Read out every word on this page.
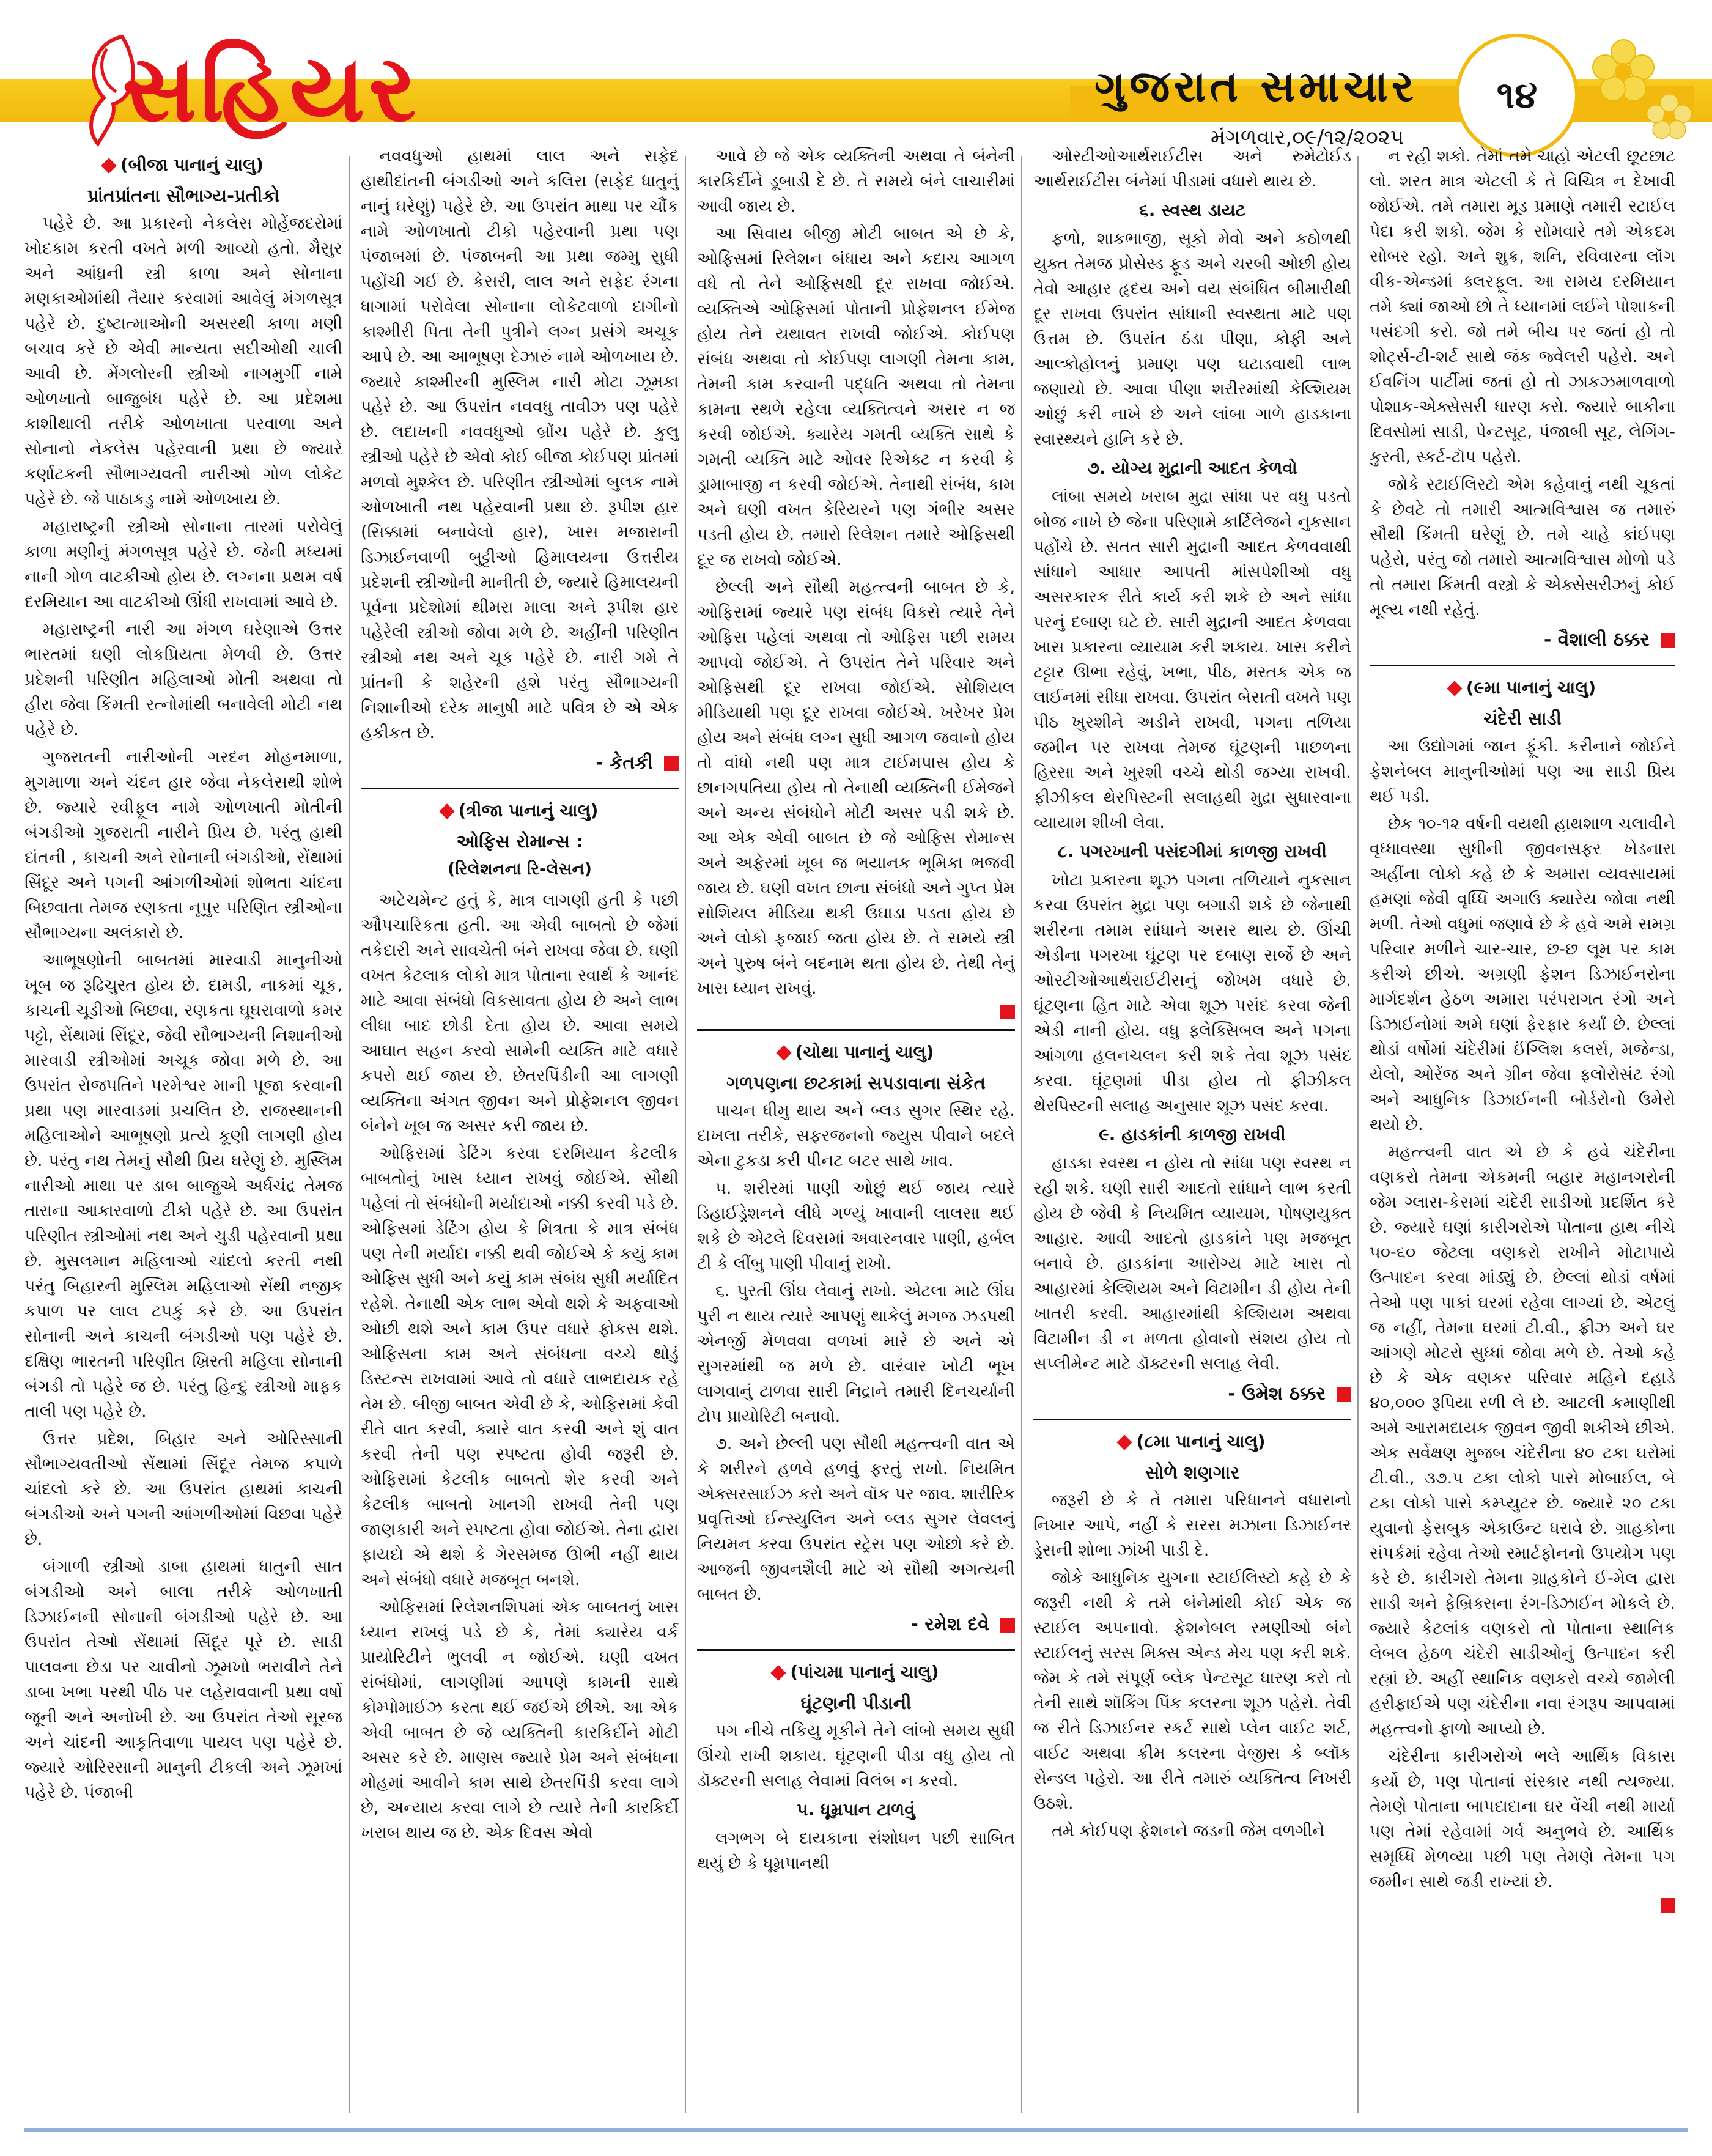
સહિયર	ગુજરાત સમાચાર
મંગળવાર,૦૯/૧૨/૨૦૨૫
૧૪
(બીજા પાનાનું ચાલુ)
પ્રાંતપ્રાંતના સૌભાગ્ય-પ્રતીકો

પહેરે છે. આ પ્રકારનો નેકલેસ મોહેંજદરોમાં ખોદકામ કરતી વખતે મળી આવ્યો હતો. મૈસુર અને આંધ્રની સ્ત્રી કાળા અને સોનાના મણકાઓમાંથી તૈયાર કરવામાં આવેલું મંગળસૂત્ર પહેરે છે. દુષ્ટાત્માઓની અસરથી કાળા મણી બચાવ કરે છે એવી માન્યતા સદીઓથી ચાલી આવી છે. મેંગલોરની સ્ત્રીઓ નાગમુર્ગી નામે ઓળખાતો બાજુબંધ પહેરે છે. આ પ્રદેશમા કાશીથાલી તરીકે ઓળખાતા પરવાળા અને સોનાનો નેકલેસ પહેરવાની પ્રથા છે જ્યારે કર્ણાટકની સૌભાગ્યવતી નારીઓ ગોળ લોકેટ પહેરે છે. જે પાઠાકડુ નામે ઓળખાય છે.

મહારાષ્ટ્રની સ્ત્રીઓ સોનાના તારમાં પરોવેલું કાળા મણીનું મંગળસૂત્ર પહેરે છે. જેની મધ્યમાં નાની ગોળ વાટકીઓ હોય છે. લગ્નના પ્રથમ વર્ષ દરમિયાન આ વાટકીઓ ઊંધી રાખવામાં આવે છે.

મહારાષ્ટ્રની નારી આ મંગળ ઘરેણાએ ઉત્તર ભારતમાં ઘણી લોકપ્રિયતા મેળવી છે. ઉત્તર પ્રદેશની પરિણીત મહિલાઓ મોતી અથવા તો હીરા જેવા કિંમતી રત્નોમાંથી બનાવેલી મોટી નથ પહેરે છે.

ગુજરાતની નારીઓની ગરદન મોહનમાળા, મુગમાળા અને ચંદન હાર જેવા નેકલેસથી શોભે છે. જ્યારે રવીફૂલ નામે ઓળખાતી મોતીની બંગડીઓ ગુજરાતી નારીને પ્રિય છે. પરંતુ હાથી દાંતની , કાચની અને સોનાની બંગડીઓ, સેંથામાં સિંદૂર અને પગની આંગળીઓમાં શોભતા ચાંદના બિછવાતા તેમજ રણકતા નૂપુર પરિણિત સ્ત્રીઓના સૌભાગ્યના અલંકારો છે.

આભૂષણોની બાબતમાં મારવાડી માનુનીઓ ખૂબ જ રૂઢિચુસ્ત હોય છે. દામડી, નાકમાં ચૂક, કાચની ચૂડીઓ બિછવા, રણકતા ઘૂઘરાવાળો કમર પટ્ટો, સેંથામાં સિંદૂર, જેવી સૌભાગ્યની નિશાનીઓ મારવાડી સ્ત્રીઓમાં અચૂક જોવા મળે છે. આ ઉપરાંત રોજપતિને પરમેશ્વર માની પૂજા કરવાની પ્રથા પણ મારવાડમાં પ્રચલિત છે. રાજસ્થાનની મહિલાઓને આભૂષણો પ્રત્યે કૂણી લાગણી હોય છે. પરંતુ નથ તેમનું સૌથી પ્રિય ઘરેણું છે. મુસ્લિમ નારીઓ માથા પર ડાબ બાજુએ અર્ધચંદ્ર તેમજ તારાના આકારવાળો ટીકો પહેરે છે. આ ઉપરાંત પરિણીત સ્ત્રીઓમાં નથ અને ચુડી પહેરવાની પ્રથા છે. મુસલમાન મહિલાઓ ચાંદલો કરતી નથી પરંતુ બિહારની મુસ્લિમ મહિલાઓ સેંથી નજીક કપાળ પર લાલ ટપકું કરે છે. આ ઉપરાંત સોનાની અને કાચની બંગડીઓ પણ પહેરે છે. દક્ષિણ ભારતની પરિણીત ખ્રિસ્તી મહિલા સોનાની બંગડી તો પહેરે જ છે. પરંતુ હિન્દુ સ્ત્રીઓ માફક તાલી પણ પહેરે છે.

ઉત્તર પ્રદેશ, બિહાર અને ઓરિસ્સાની સૌભાગ્યવતીઓ સેંથામાં સિંદૂર તેમજ કપાળે ચાંદલો કરે છે. આ ઉપરાંત હાથમાં કાચની બંગડીઓ અને પગની આંગળીઓમાં વિછવા પહેરે છે.

બંગાળી સ્ત્રીઓ ડાબા હાથમાં ધાતુની સાત બંગડીઓ અને બાલા તરીકે ઓળખાતી ડિઝાઈનની સોનાની બંગડીઓ પહેરે છે. આ ઉપરાંત તેઓ સેંથામાં સિંદૂર પૂરે છે. સાડી પાલવના છેડા પર ચાવીનો ઝૂમખો ભરાવીને તેને ડાબા ખભા પરથી પીઠ પર લહેરાવવાની પ્રથા વર્ષો જૂની અને અનોખી છે. આ ઉપરાંત તેઓ સૂરજ અને ચાંદની આકૃતિવાળા પાયલ પણ પહેરે છે. જ્યારે ઓરિસ્સાની માનુની ટીકલી અને ઝૂમખાં પહેરે છે. પંજાબી

નવવધુઓ હાથમાં લાલ અને સફેદ હાથીદાંતની બંગડીઓ અને કલિરા (સફેદ ધાતુનું નાનું ઘરેણું) પહેરે છે. આ ઉપરાંત માથા પર ચૌંક નામે ઓળખાતો ટીકો પહેરવાની પ્રથા પણ પંજાબમાં છે. પંજાબની આ પ્રથા જમ્મુ સુધી પહોંચી ગઈ છે. કેસરી, લાલ અને સફેદ રંગના ધાગામાં પરોવેલા સોનાના લોકેટવાળો દાગીનો કાશ્મીરી પિતા તેની પુત્રીને લગ્ન પ્રસંગે અચૂક આપે છે. આ આભૂષણ દેઝારું નામે ઓળખાય છે. જ્યારે કાશ્મીરની મુસ્લિમ નારી મોટા ઝૂમકા પહેરે છે. આ ઉપરાંત નવવધુ તાવીઝ પણ પહેરે છે. લદાખની નવવધુઓ બ્રોંચ પહેરે છે. કુલુ સ્ત્રીઓ પહેરે છે એવો કોઈ બીજા કોઈપણ પ્રાંતમાં મળવો મુશ્કેલ છે. પરિણીત સ્ત્રીઓમાં બુલક નામે ઓળખાતી નથ પહેરવાની પ્રથા છે. રૂપીશ હાર (સિક્કામાં બનાવેલો હાર), ખાસ મજારાની ડિઝાઈનવાળી બુટ્ટીઓ હિમાલયના ઉત્તરીય પ્રદેશની સ્ત્રીઓની માનીતી છે, જ્યારે હિમાલયની પૂર્વના પ્રદેશોમાં થીમરા માલા અને રૂપીશ હાર પહેરેલી સ્ત્રીઓ જોવા મળે છે. અહીંની પરિણીત સ્ત્રીઓ નથ અને ચૂક પહેરે છે. નારી ગમે તે પ્રાંતની કે શહેરની હશે પરંતુ સૌભાગ્યની નિશાનીઓ દરેક માનુષી માટે પવિત્ર છે એ એક હકીકત છે.

- કેતકી
(ત્રીજા પાનાનું ચાલુ)
ઓફિસ રોમાન્સ :
(રિલેશનના રિ-લેસન)

અટેચમેન્ટ હતું કે, માત્ર લાગણી હતી કે પછી ઔપચારિકતા હતી. આ એવી બાબતો છે જેમાં તકેદારી અને સાવચેતી બંને રાખવા જેવા છે. ઘણી વખત કેટલાક લોકો માત્ર પોતાના સ્વાર્થ કે આનંદ માટે આવા સંબંધો વિકસાવતા હોય છે અને લાભ લીધા બાદ છોડી દેતા હોય છે. આવા સમયે આઘાત સહન કરવો સામેની વ્યક્તિ માટે વધારે કપરો થઈ જાય છે. છેતરપિંડીની આ લાગણી વ્યક્તિના અંગત જીવન અને પ્રોફેશનલ જીવન બંનેને ખૂબ જ અસર કરી જાય છે.

ઓફિસમાં ડેટિંગ કરવા દરમિયાન કેટલીક બાબતોનું ખાસ ધ્યાન રાખવું જોઈએ. સૌથી પહેલાં તો સંબંધોની મર્યાદાઓ નક્કી કરવી પડે છે. ઓફિસમાં ડેટિંગ હોય કે મિત્રતા કે માત્ર સંબંધ પણ તેની મર્યાદા નક્કી થવી જોઈએ કે કયું કામ ઓફિસ સુધી અને કયું કામ સંબંધ સુધી મર્યાદિત રહેશે. તેનાથી એક લાભ એવો થશે કે અફવાઓ ઓછી થશે અને કામ ઉપર વધારે ફોકસ થશે. ઓફિસના કામ અને સંબંધના વચ્ચે થોડું ડિસ્ટન્સ રાખવામાં આવે તો વધારે લાભદાયક રહે તેમ છે. બીજી બાબત એવી છે કે, ઓફિસમાં કેવી રીતે વાત કરવી, ક્યારે વાત કરવી અને શું વાત કરવી તેની પણ સ્પષ્ટતા હોવી જરૂરી છે. ઓફિસમાં કેટલીક બાબતો શેર કરવી અને કેટલીક બાબતો ખાનગી રાખવી તેની પણ જાણકારી અને સ્પષ્ટતા હોવા જોઈએ. તેના દ્વારા ફાયદો એ થશે કે ગેરસમજ ઊભી નહીં થાય અને સંબંધો વધારે મજબૂત બનશે.

ઓફિસમાં રિલેશનશિપમાં એક બાબતનું ખાસ ધ્યાન રાખવું પડે છે કે, તેમાં ક્યારેય વર્ક પ્રાયોરિટીને ભુલવી ન જોઈએ. ઘણી વખત સંબંધોમાં, લાગણીમાં આપણે કામની સાથે કોમ્પોમાઈઝ કરતા થઈ જઈએ છીએ. આ એક એવી બાબત છે જે વ્યક્તિની કારકિર્દીને મોટી અસર કરે છે. માણસ જ્યારે પ્રેમ અને સંબંધના મોહમાં આવીને કામ સાથે છેતરપિંડી કરવા લાગે છે, અન્યાય કરવા લાગે છે ત્યારે તેની કારકિર્દી ખરાબ થાય જ છે. એક દિવસ એવો

આવે છે જે એક વ્યક્તિની અથવા તે બંનેની કારકિર્દીને ડૂબાડી દે છે. તે સમયે બંને લાચારીમાં આવી જાય છે.

આ સિવાય બીજી મોટી બાબત એ છે કે, ઓફિસમાં રિલેશન બંધાય અને કદાચ આગળ વધે તો તેને ઓફિસથી દૂર રાખવા જોઈએ. વ્યક્તિએ ઓફિસમાં પોતાની પ્રોફેશનલ ઈમેજ હોય તેને યથાવત રાખવી જોઈએ. કોઈપણ સંબંધ અથવા તો કોઈપણ લાગણી તેમના કામ, તેમની કામ કરવાની પદ્ધતિ અથવા તો તેમના કામના સ્થળે રહેલા વ્યક્તિત્વને અસર ન જ કરવી જોઈએ. ક્યારેય ગમતી વ્યક્તિ સાથે કે ગમતી વ્યક્તિ માટે ઓવર રિએક્ટ ન કરવી કે ડ્રામાબાજી ન કરવી જોઈએ. તેનાથી સંબંધ, કામ અને ઘણી વખત કેરિયરને પણ ગંભીર અસર પડતી હોય છે. તમારો રિલેશન તમારે ઓફિસથી દૂર જ રાખવો જોઈએ.

છેલ્લી અને સૌથી મહત્ત્વની બાબત છે કે, ઓફિસમાં જ્યારે પણ સંબંધ વિક્સે ત્યારે તેને ઓફિસ પહેલાં અથવા તો ઓફિસ પછી સમય આપવો જોઈએ. તે ઉપરાંત તેને પરિવાર અને ઓફિસથી દૂર રાખવા જોઈએ. સોશિયલ મીડિયાથી પણ દૂર રાખવા જોઈએ. ખરેખર પ્રેમ હોય અને સંબંધ લગ્ન સુધી આગળ જવાનો હોય તો વાંધો નથી પણ માત્ર ટાઈમપાસ હોય કે છાનગપતિયા હોય તો તેનાથી વ્યક્તિની ઈમેજને અને અન્ય સંબંધોને મોટી અસર પડી શકે છે. આ એક એવી બાબત છે જે ઓફિસ રોમાન્સ અને અફેરમાં ખૂબ જ ભયાનક ભૂમિકા ભજવી જાય છે. ઘણી વખત છાના સંબંધો અને ગુપ્ત પ્રેમ સોશિયલ મીડિયા થકી ઉઘાડા પડતા હોય છે અને લોકો ફજાઈ જતા હોય છે. તે સમયે સ્ત્રી અને પુરુષ બંને બદનામ થતા હોય છે. તેથી તેનું ખાસ ધ્યાન રાખવું.

(ચોથા પાનાનું ચાલુ)
ગળપણના છટકામાં સપડાવાના સંકેત

પાચન ધીમુ થાય અને બ્લડ સુગર સ્થિર રહે. દાખલા તરીકે, સફરજનનો જ્યુસ પીવાને બદલે એના ટુકડા કરી પીનટ બટર સાથે ખાવ.

૫. શરીરમાં પાણી ઓછું થઈ જાય ત્યારે ડિહાઈડ્રેશનને લીધે ગળ્યું ખાવાની લાલસા થઈ શકે છે એટલે દિવસમાં અવારનવાર પાણી, હર્બલ ટી કે લીંબુ પાણી પીવાનું રાખો.

૬. પુરતી ઊંઘ લેવાનું રાખો. એટલા માટે ઊંઘ પુરી ન થાય ત્યારે આપણું થાકેલું મગજ ઝડપથી એનર્જી મેળવવા વળખાં મારે છે અને એ સુગરમાંથી જ મળે છે. વારંવાર ખોટી ભૂખ લાગવાનું ટાળવા સારી નિદ્રાને તમારી દિનચર્યાની ટોપ પ્રાયોરિટી બનાવો.

૭. અને છેલ્લી પણ સૌથી મહત્ત્વની વાત એ કે શરીરને હળવે હળવું ફરતું રાખો. નિયમિત એક્સરસાઈઝ કરો અને વૉક પર જાવ. શારીરિક પ્રવૃત્તિઓ ઈન્સ્યુલિન અને બ્લડ સુગર લેવલનું નિયમન કરવા ઉપરાંત સ્ટ્રેસ પણ ઓછો કરે છે. આજની જીવનશૈલી માટે એ સૌથી અગત્યની બાબત છે.

- રમેશ દવે
(પાંચમા પાનાનું ચાલુ)
ઘૂંટણની પીડાની

પગ નીચે તકિયુ મૂકીને તેને લાંબો સમય સુધી ઊંચો રાખી શકાય. ઘૂંટણની પીડા વધુ હોય તો ડૉક્ટરની સલાહ લેવામાં વિલંબ ન કરવો.

૫. ધૂમ્રપાન ટાળવું

લગભગ બે દાયકાના સંશોધન પછી સાબિત થયું છે કે ધૂમ્રપાનથી

ઓસ્ટીઓઆર્થરાઈટીસ અને રુમેટોઈડ આર્થરાઈટીસ બંનેમાં પીડામાં વધારો થાય છે.

૬. સ્વસ્થ ડાયટ

ફળો, શાકભાજી, સૂકો મેવો અને કઠોળથી યુક્ત તેમજ પ્રોસેસ્ડ ફૂડ અને ચરબી ઓછી હોય તેવો આહાર હૃદય અને વય સંબંધિત બીમારીથી દૂર રાખવા ઉપરાંત સાંધાની સ્વસ્થતા માટે પણ ઉત્તમ છે. ઉપરાંત ઠંડા પીણા, કોફી અને આલ્કોહોલનું પ્રમાણ પણ ઘટાડવાથી લાભ જણાયો છે. આવા પીણા શરીરમાંથી કેલ્શિયમ ઓછું કરી નાખે છે અને લાંબા ગાળે હાડકાના સ્વાસ્થ્યને હાનિ કરે છે.

૭. યોગ્ય મુદ્રાની આદત કેળવો

લાંબા સમયે ખરાબ મુદ્રા સાંધા પર વધુ પડતો બોજ નાખે છે જેના પરિણામે કાર્ટિલેજને નુકસાન પહોંચે છે. સતત સારી મુદ્રાની આદત કેળવવાથી સાંધાને આધાર આપતી માંસપેશીઓ વધુ અસરકારક રીતે કાર્ય કરી શકે છે અને સાંધા પરનું દબાણ ઘટે છે. સારી મુદ્રાની આદત કેળવવા ખાસ પ્રકારના વ્યાયામ કરી શકાય. ખાસ કરીને ટટ્ટાર ઊભા રહેવું, ખભા, પીઠ, મસ્તક એક જ લાઈનમાં સીધા રાખવા. ઉપરાંત બેસતી વખતે પણ પીઠ ખુરશીને અડીને રાખવી, પગના તળિયા જમીન પર રાખવા તેમજ ઘૂંટણની પાછળના હિસ્સા અને ખુરશી વચ્ચે થોડી જગ્યા રાખવી. ફીઝીકલ થેરપિસ્ટની સલાહથી મુદ્રા સુધારવાના વ્યાયામ શીખી લેવા.

૮. પગરખાની પસંદગીમાં કાળજી રાખવી

ખોટા પ્રકારના શૂઝ પગના તળિયાને નુકસાન કરવા ઉપરાંત મુદ્રા પણ બગાડી શકે છે જેનાથી શરીરના તમામ સાંધાને અસર થાય છે. ઊંચી એડીના પગરખા ઘૂંટણ પર દબાણ સર્જે છે અને ઓસ્ટીઓઆર્થરાઈટીસનું જોખમ વધારે છે. ઘૂંટણના હિત માટે એવા શૂઝ પસંદ કરવા જેની એડી નાની હોય. વધુ ફ્લેક્સિબલ અને પગના આંગળા હલનચલન કરી શકે તેવા શૂઝ પસંદ કરવા. ઘૂંટણમાં પીડા હોય તો ફીઝીકલ થેરપિસ્ટની સલાહ અનુસાર શૂઝ પસંદ કરવા.

૯. હાડકાંની કાળજી રાખવી

હાડકા સ્વસ્થ ન હોય તો સાંધા પણ સ્વસ્થ ન રહી શકે. ઘણી સારી આદતો સાંધાને લાભ કરતી હોય છે જેવી કે નિયમિત વ્યાયામ, પોષણયુક્ત આહાર. આવી આદતો હાડકાંને પણ મજબૂત બનાવે છે. હાડકાંના આરોગ્ય માટે ખાસ તો આહારમાં કેલ્શિયમ અને વિટામીન ડી હોય તેની ખાતરી કરવી. આહારમાંથી કેલ્શિયમ અથવા વિટામીન ડી ન મળતા હોવાનો સંશય હોય તો સપ્લીમેન્ટ માટે ડૉક્ટરની સલાહ લેવી.

- ઉમેશ ઠક્કર
(૮મા પાનાનું ચાલુ)
સોળે શણગાર

જરૂરી છે કે તે તમારા પરિધાનને વધારાનો નિખાર આપે, નહીં કે સરસ મઝાના ડિઝાઈનર ડ્રેસની શોભા ઝાંખી પાડી દે.

જોકે આધુનિક યુગના સ્ટાઈલિસ્ટો કહે છે કે જરૂરી નથી કે તમે બંનેમાંથી કોઈ એક જ સ્ટાઈલ અપનાવો. ફેશનેબલ રમણીઓ બંને સ્ટાઈલનું સરસ મિક્સ એન્ડ મેચ પણ કરી શકે. જેમ કે તમે સંપૂર્ણ બ્લેક પેન્ટસૂટ ધારણ કરો તો તેની સાથે શૉકિંગ પિંક કલરના શૂઝ પહેરો. તેવી જ રીતે ડિઝાઈનર સ્કર્ટ સાથે પ્લેન વાઈટ શર્ટ, વાઈટ અથવા ક્રીમ કલરના વેજીસ કે બ્લૉક સેન્ડલ પહેરો. આ રીતે તમારું વ્યક્તિત્વ નિખરી ઉઠશે.

તમે કોઈપણ ફેશનને જડની જેમ વળગીને

ન રહી શકો. તેમાં તમે ચાહો એટલી છૂટછાટ લો. શરત માત્ર એટલી કે તે વિચિત્ર ન દેખાવી જોઈએ. તમે તમારા મૂડ પ્રમાણે તમારી સ્ટાઈલ પેદા કરી શકો. જેમ કે સોમવારે તમે એકદમ સોબર રહો. અને શુક્ર, શનિ, રવિવારના લૉંગ વીક-એન્ડમાં ક્લરફૂલ. આ સમય દરમિયાન તમે ક્યાં જાઓ છો તે ધ્યાનમાં લઈને પોશાકની પસંદગી કરો. જો તમે બીચ પર જતાં હો તો શોર્ટ્સ-ટી-શર્ટ સાથે જંક જ્વેલરી પહેરો. અને ઈવનિંગ પાર્ટીમાં જતાં હો તો ઝાકઝમાળવાળો પોશાક-એક્સેસરી ધારણ કરો. જ્યારે બાકીના દિવસોમાં સાડી, પેન્ટસૂટ, પંજાબી સૂટ, લેગિંગ-કુરતી, સ્કર્ટ-ટૉપ પહેરો.

જોકે સ્ટાઈલિસ્ટો એમ કહેવાનું નથી ચૂકતાં કે છેવટે તો તમારી આત્મવિશ્વાસ જ તમારું સૌથી કિંમતી ઘરેણું છે. તમે ચાહે કાંઈપણ પહેરો, પરંતુ જો તમારો આત્મવિશ્વાસ મોળો પડે તો તમારા કિંમતી વસ્ત્રો કે એક્સેસરીઝનું કોઈ મૂલ્ય નથી રહેતું.

- વૈશાલી ઠક્કર
(૯મા પાનાનું ચાલુ)
ચંદેરી સાડી

આ ઉદ્યોગમાં જાન ફૂંકી. કરીનાને જોઈને ફેશનેબલ માનુનીઓમાં પણ આ સાડી પ્રિય થઈ પડી.

છેક ૧૦-૧૨ વર્ષની વયથી હાથશાળ ચલાવીને વૃધ્ધાવસ્થા સુધીની જીવનસફર ખેડનારા અહીંના લોકો કહે છે કે અમારા વ્યવસાયમાં હમણાં જેવી વૃધ્ધિ અગાઉ ક્યારેય જોવા નથી મળી. તેઓ વધુમાં જણાવે છે કે હવે અમે સમગ્ર પરિવાર મળીને ચાર-ચાર, છ-છ લૂમ પર કામ કરીએ છીએ. અગ્રણી ફેશન ડિઝાઈનરોના માર્ગદર્શન હેઠળ અમારા પરંપરાગત રંગો અને ડિઝાઈનોમાં અમે ઘણાં ફેરફાર કર્યાં છે. છેલ્લાં થોડાં વર્ષોમાં ચંદેરીમાં ઈંગ્લિશ કલર્સ, મજેન્ડા, યેલો, ઓરેંજ અને ગ્રીન જેવા ફ્લોરોસંટ રંગો અને આધુનિક ડિઝાઈનની બોર્ડરોનો ઉમેરો થયો છે.

મહત્ત્વની વાત એ છે કે હવે ચંદેરીના વણકરો તેમના એકમની બહાર મહાનગરોની જેમ ગ્લાસ-કેસમાં ચંદેરી સાડીઓ પ્રદર્શિત કરે છે. જ્યારે ઘણાં કારીગરોએ પોતાના હાથ નીચે ૫૦-૬૦ જેટલા વણકરો રાખીને મોટાપાયે ઉત્પાદન કરવા માંડ્યું છે. છેલ્લાં થોડાં વર્ષમાં તેઓ પણ પાકાં ઘરમાં રહેવા લાગ્યાં છે. એટલું જ નહીં, તેમના ઘરમાં ટી.વી., ફ્રીઝ અને ઘર આંગણે મોટરો સુધ્ધાં જોવા મળે છે. તેઓ કહે છે કે એક વણકર પરિવાર મહિને દહાડે ૪૦,૦૦૦ રૂપિયા રળી લે છે. આટલી કમાણીથી અમે આરામદાયક જીવન જીવી શકીએ છીએ. એક સર્વેક્ષણ મુજબ ચંદેરીના ૪૦ ટકા ઘરોમાં ટી.વી., ૩૭.૫ ટકા લોકો પાસે મોબાઈલ, બે ટકા લોકો પાસે કમ્પ્યુટર છે. જ્યારે ૨૦ ટકા યુવાનો ફેસબુક એકાઉન્ટ ધરાવે છે. ગ્રાહકોના સંપર્કમાં રહેવા તેઓ સ્માર્ટફોનનો ઉપયોગ પણ કરે છે. કારીગરો તેમના ગ્રાહકોને ઈ-મેલ દ્વારા સાડી અને ફેબ્રિક્સના રંગ-ડિઝાઈન મોકલે છે. જ્યારે કેટલાંક વણકરો તો પોતાના સ્થાનિક લેબલ હેઠળ ચંદેરી સાડીઓનું ઉત્પાદન કરી રહ્યાં છે. અહીં સ્થાનિક વણકરો વચ્ચે જામેલી હરીફાઈએ પણ ચંદેરીના નવા રંગરૂપ આપવામાં મહત્ત્વનો ફાળો આપ્યો છે.

ચંદેરીના કારીગરોએ ભલે આર્થિક વિકાસ કર્યો છે, પણ પોતાનાં સંસ્કાર નથી ત્યજ્યા. તેમણે પોતાના બાપદાદાના ઘર વેંચી નથી માર્યા પણ તેમાં રહેવામાં ગર્વ અનુભવે છે. આર્થિક સમૃધ્ધિ મેળવ્યા પછી પણ તેમણે તેમના પગ જમીન સાથે જડી રાખ્યાં છે.
